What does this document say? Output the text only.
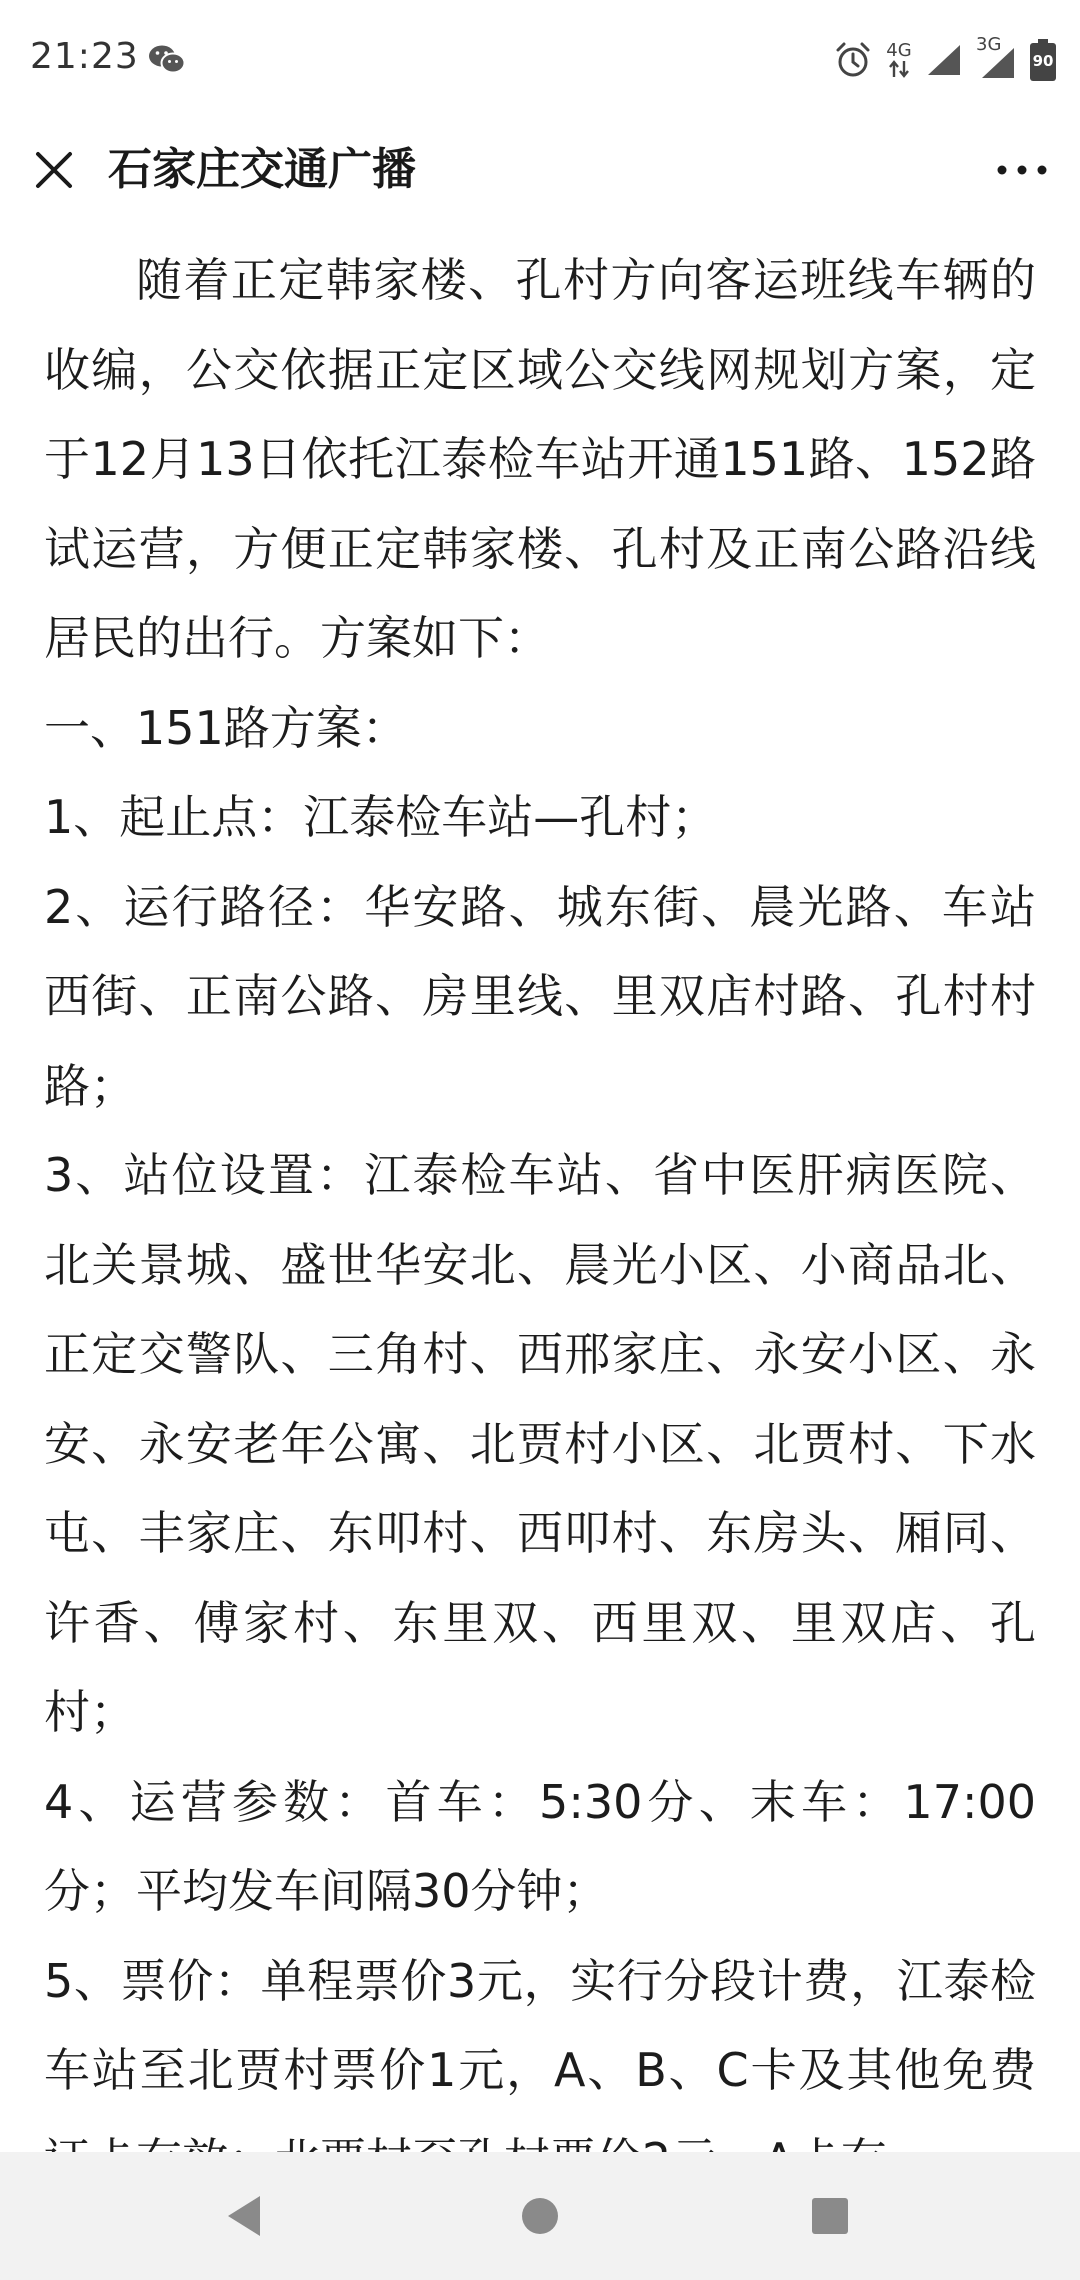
21:23	4G	3G
90
石家庄交通广播

随着正定韩家楼、孔村方向客运班线车辆的收编，公交依据正定区域公交线网规划方案，定于12月13日依托江泰检车站开通151路、152路试运营，方便正定韩家楼、孔村及正南公路沿线居民的出行。方案如下：

一、151路方案：

1、起止点：江泰检车站—孔村；

2、运行路径：华安路、城东街、晨光路、车站西街、正南公路、房里线、里双店村路、孔村村路；

3、站位设置：江泰检车站、省中医肝病医院、北关景城、盛世华安北、晨光小区、小商品北、正定交警队、三角村、西邢家庄、永安小区、永安、永安老年公寓、北贾村小区、北贾村、下水屯、丰家庄、东叩村、西叩村、东房头、厢同、许香、傅家村、东里双、西里双、里双店、孔村；

4、运营参数：首车：5:30分、末车：17:00分；平均发车间隔30分钟；

5、票价：单程票价3元，实行分段计费，江泰检车站至北贾村票价1元，A、B、C卡及其他免费
